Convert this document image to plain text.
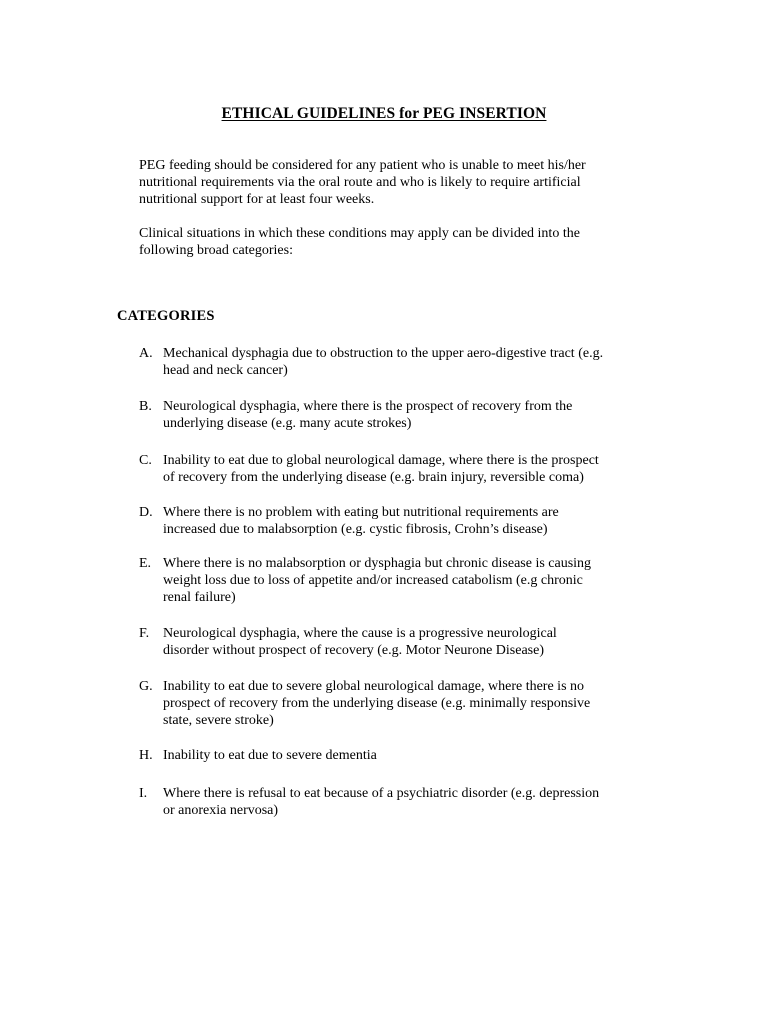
ETHICAL GUIDELINES for PEG INSERTION
PEG feeding should be considered for any patient who is unable to meet his/her
nutritional requirements via the oral route and who is likely to require artificial
nutritional support for at least four weeks.
Clinical situations in which these conditions may apply can be divided into the
following broad categories:
CATEGORIES
A. Mechanical dysphagia due to obstruction to the upper aero-digestive tract (e.g.
head and neck cancer)
B. Neurological dysphagia, where there is the prospect of recovery from the
underlying disease (e.g. many acute strokes)
C. Inability to eat due to global neurological damage, where there is the prospect
of recovery from the underlying disease (e.g. brain injury, reversible coma)
D. Where there is no problem with eating but nutritional requirements are
increased due to malabsorption (e.g. cystic fibrosis, Crohn’s disease)
E. Where there is no malabsorption or dysphagia but chronic disease is causing
weight loss due to loss of appetite and/or increased catabolism (e.g chronic
renal failure)
F. Neurological dysphagia, where the cause is a progressive neurological
disorder without prospect of recovery (e.g. Motor Neurone Disease)
G. Inability to eat due to severe global neurological damage, where there is no
prospect of recovery from the underlying disease (e.g. minimally responsive
state, severe stroke)
H. Inability to eat due to severe dementia
I. Where there is refusal to eat because of a psychiatric disorder (e.g. depression
or anorexia nervosa)
